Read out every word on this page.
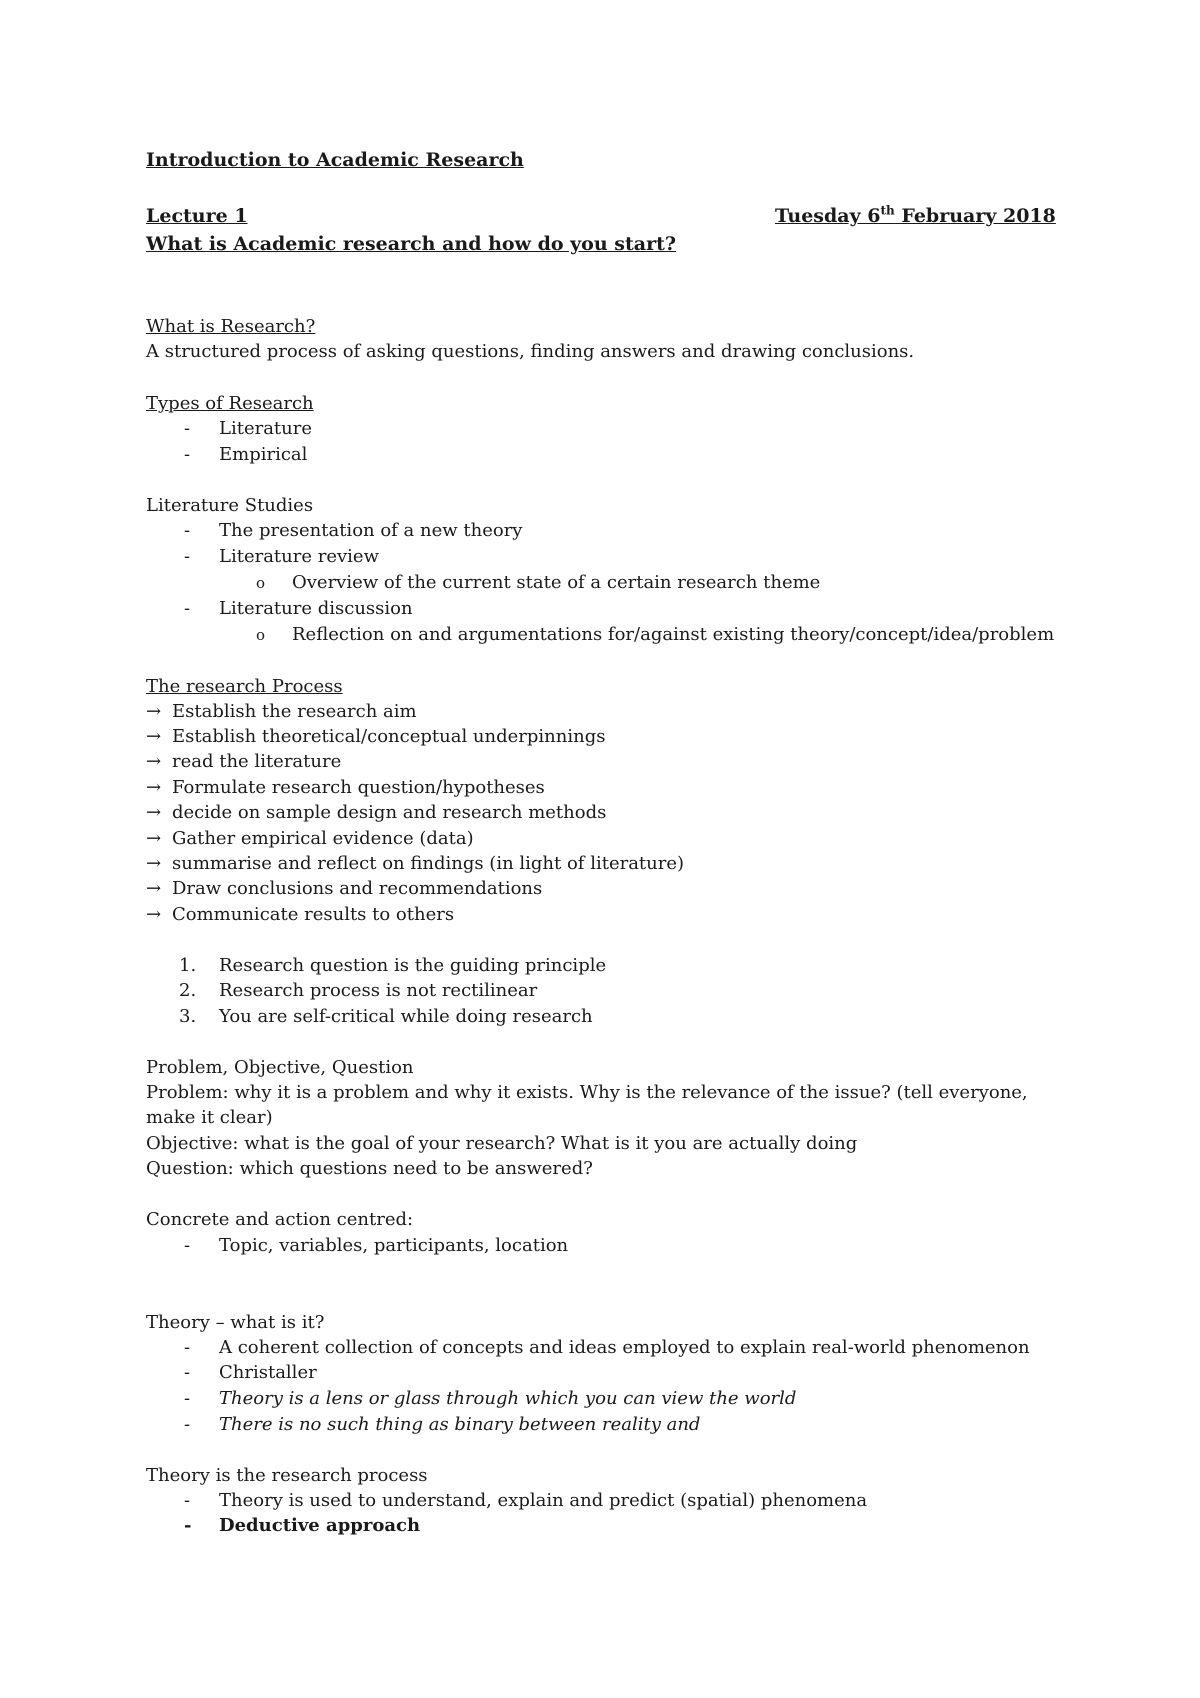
Introduction to Academic Research
Lecture 1	Tuesday 6th February 2018
What is Academic research and how do you start?
What is Research?
A structured process of asking questions, finding answers and drawing conclusions.
Types of Research
- Literature
- Empirical
Literature Studies
- The presentation of a new theory
- Literature review
o Overview of the current state of a certain research theme
- Literature discussion
o Reflection on and argumentations for/against existing theory/concept/idea/problem
The research Process
→ Establish the research aim
→ Establish theoretical/conceptual underpinnings
→ read the literature
→ Formulate research question/hypotheses
→ decide on sample design and research methods
→ Gather empirical evidence (data)
→ summarise and reflect on findings (in light of literature)
→ Draw conclusions and recommendations
→ Communicate results to others
1. Research question is the guiding principle
2. Research process is not rectilinear
3. You are self-critical while doing research
Problem, Objective, Question
Problem: why it is a problem and why it exists. Why is the relevance of the issue? (tell everyone,
make it clear)
Objective: what is the goal of your research? What is it you are actually doing
Question: which questions need to be answered?
Concrete and action centred:
- Topic, variables, participants, location
Theory – what is it?
- A coherent collection of concepts and ideas employed to explain real-world phenomenon
- Christaller
- Theory is a lens or glass through which you can view the world
- There is no such thing as binary between reality and
Theory is the research process
- Theory is used to understand, explain and predict (spatial) phenomena
- Deductive approach
